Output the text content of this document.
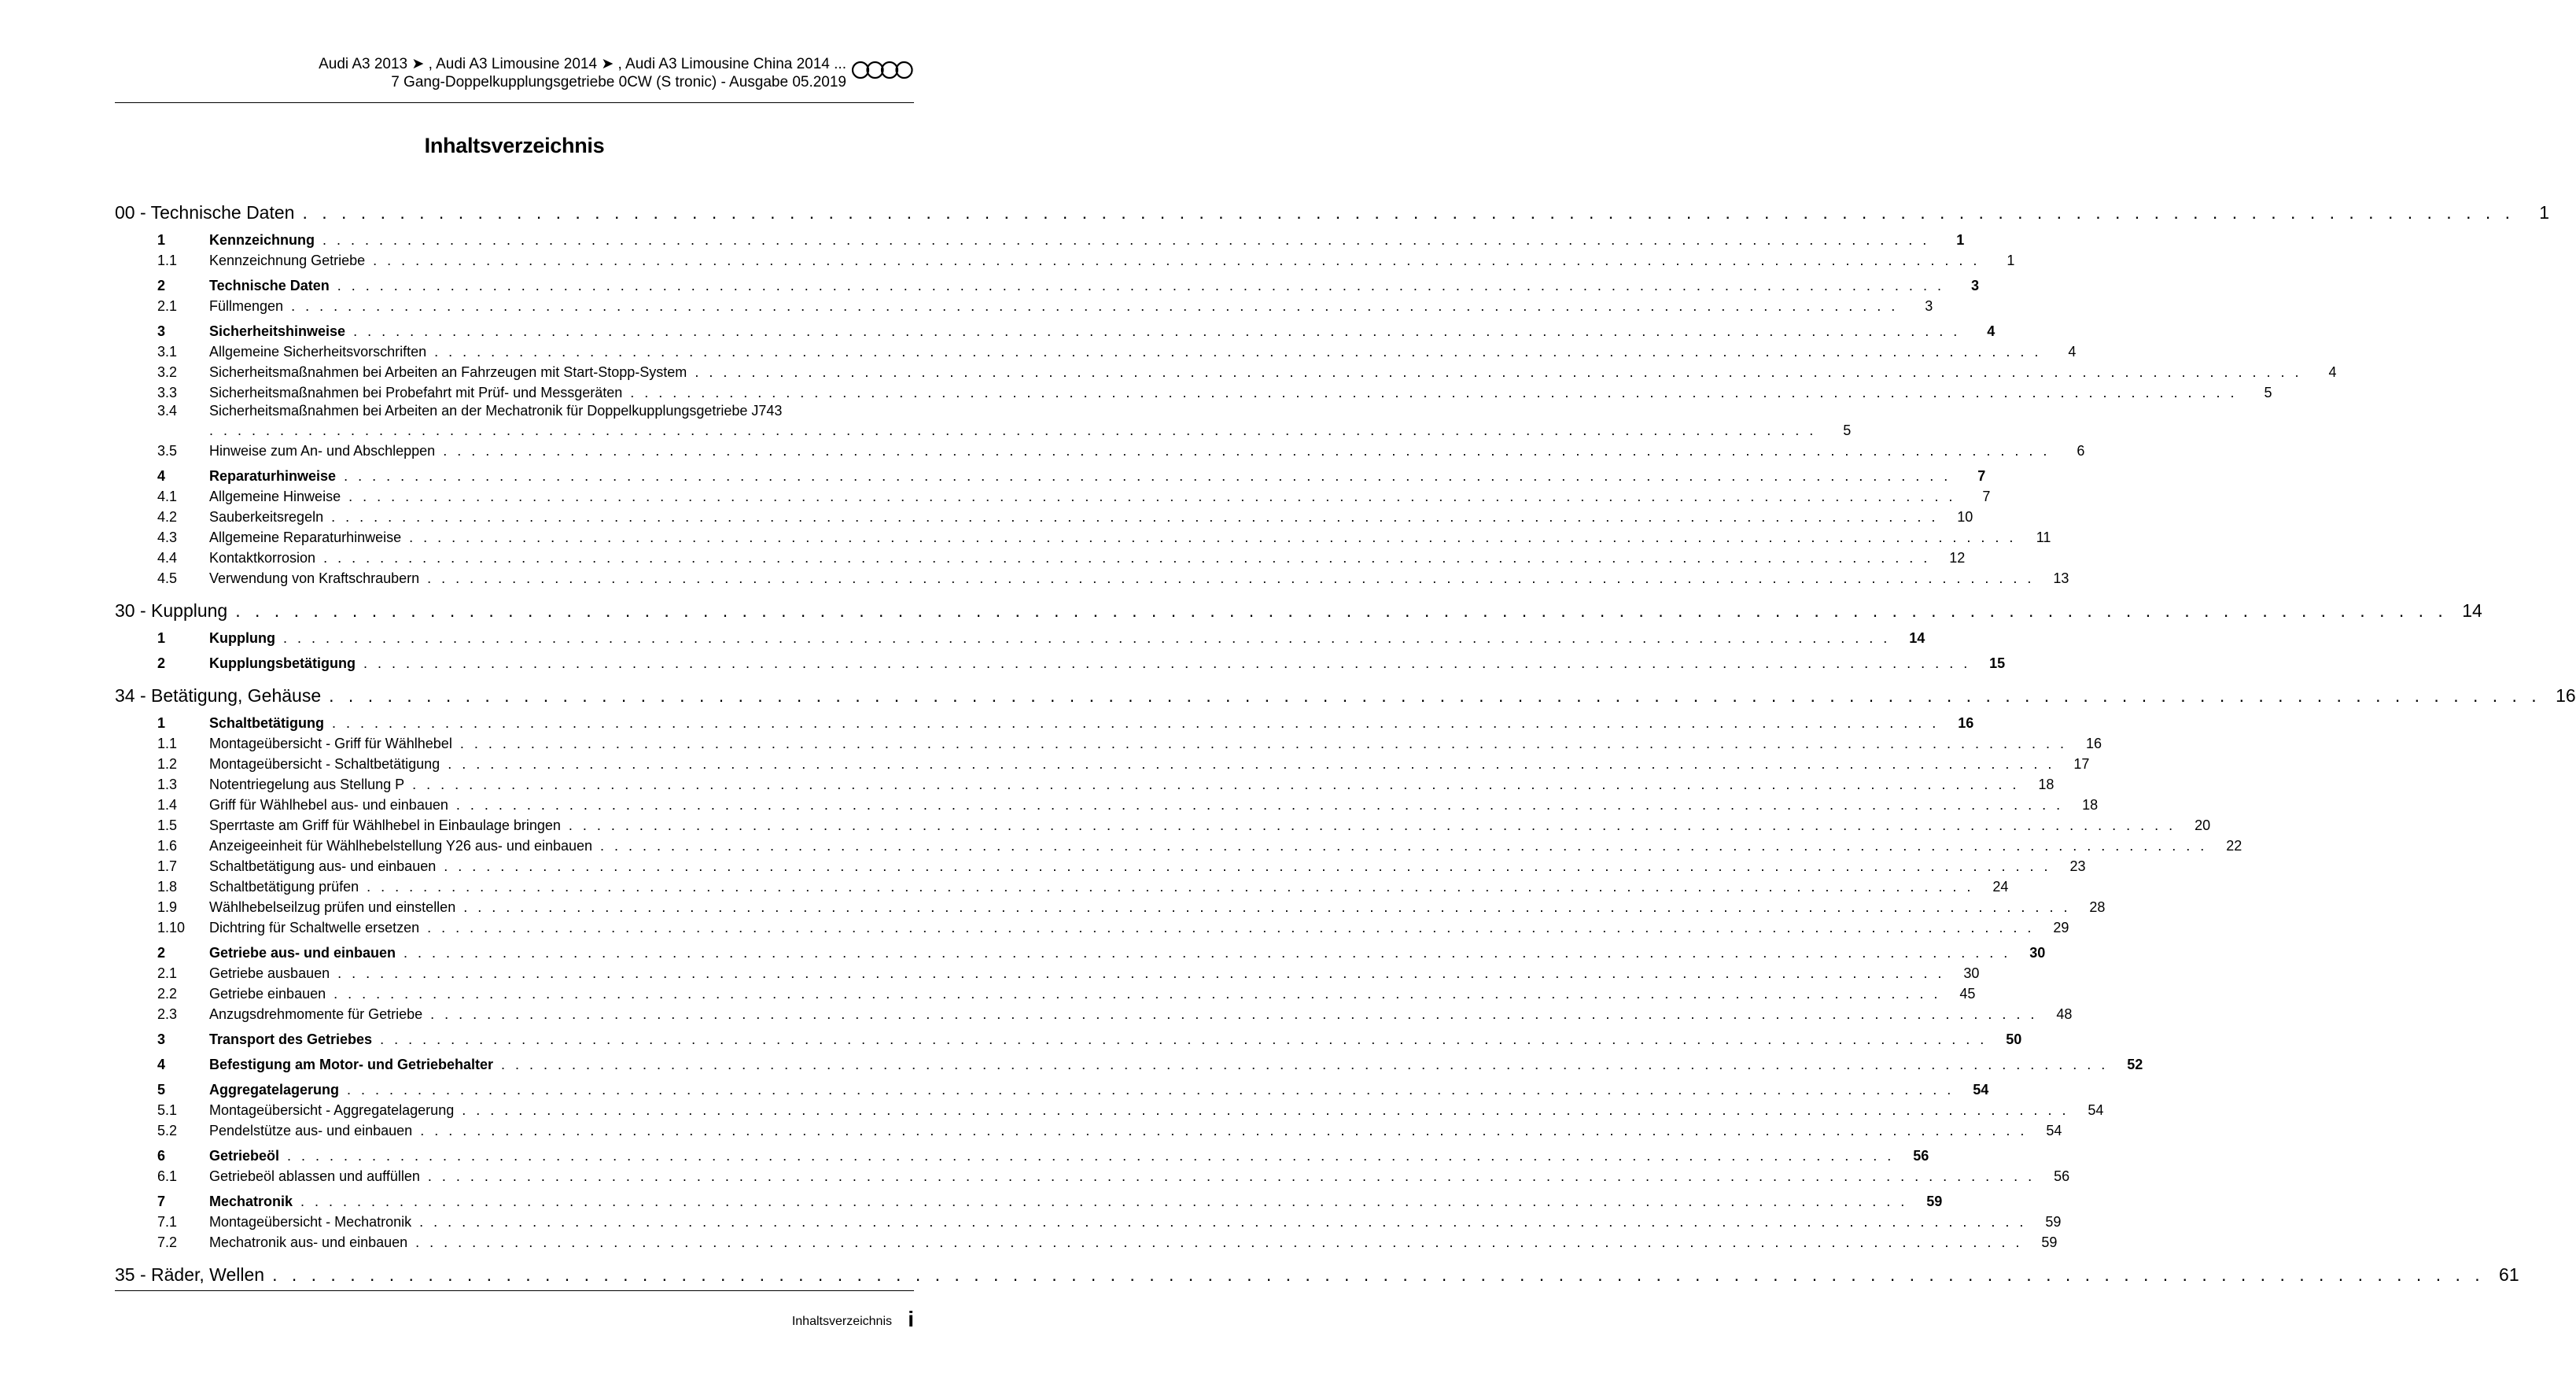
Audi A3 2013 ➤ , Audi A3 Limousine 2014 ➤ , Audi A3 Limousine China 2014 ...
7 Gang-Doppelkupplungsgetriebe 0CW (S tronic) - Ausgabe 05.2019
Inhaltsverzeichnis
00 - Technische Daten . . . . . . . . . . . . . . . . . . . . . . . . . . . . . . . . . . . . . . . . . . . . . . . . . . . . . . . . . . . . . . . . . . . . . . . . . . . . . . . . . . . . . . . . . . . . . . . . . . . . . . . . . . . . . . . . . .	1
1	Kennzeichnung . . . . . . . . . . . . . . . . . . . . . . . . . . . . . . . . . . . . . . . . . . . . . . . . . . . . . . . . . . . . . . . . . . . . . . . . . . . . . . . . . . . . . . . . . . . . . . . . . . . . . . . . . . . . . . . . . .	1
1.1	Kennzeichnung Getriebe . . . . . . . . . . . . . . . . . . . . . . . . . . . . . . . . . . . . . . . . . . . . . . . . . . . . . . . . . . . . . . . . . . . . . . . . . . . . . . . . . . . . . . . . . . . . . . . . . . . . . . . . . . . . . . . . . .	1
2	Technische Daten . . . . . . . . . . . . . . . . . . . . . . . . . . . . . . . . . . . . . . . . . . . . . . . . . . . . . . . . . . . . . . . . . . . . . . . . . . . . . . . . . . . . . . . . . . . . . . . . . . . . . . . . . . . . . . . . . .	3
2.1	Füllmengen . . . . . . . . . . . . . . . . . . . . . . . . . . . . . . . . . . . . . . . . . . . . . . . . . . . . . . . . . . . . . . . . . . . . . . . . . . . . . . . . . . . . . . . . . . . . . . . . . . . . . . . . . . . . . . . . . .	3
3	Sicherheitshinweise . . . . . . . . . . . . . . . . . . . . . . . . . . . . . . . . . . . . . . . . . . . . . . . . . . . . . . . . . . . . . . . . . . . . . . . . . . . . . . . . . . . . . . . . . . . . . . . . . . . . . . . . . . . . . . . . . .	4
3.1	Allgemeine Sicherheitsvorschriften . . . . . . . . . . . . . . . . . . . . . . . . . . . . . . . . . . . . . . . . . . . . . . . . . . . . . . . . . . . . . . . . . . . . . . . . . . . . . . . . . . . . . . . . . . . . . . . . . . . . . . . . . . . . . . . . . .	4
3.2	Sicherheitsmaßnahmen bei Arbeiten an Fahrzeugen mit Start-Stopp-System . . . . . . . . . . . . . . . . . . . . . . . . . . . . . . . . . . . . . . . . . . . . . . . . . . . . . . . . . . . . . . . . . . . . . . . . . . . . . . . . . . . . . . . . . . . . . . . . . . . . . . . . . . . . . . . . . .	4
3.3	Sicherheitsmaßnahmen bei Probefahrt mit Prüf- und Messgeräten . . . . . . . . . . . . . . . . . . . . . . . . . . . . . . . . . . . . . . . . . . . . . . . . . . . . . . . . . . . . . . . . . . . . . . . . . . . . . . . . . . . . . . . . . . . . . . . . . . . . . . . . . . . . . . . . . .	5
3.4	Sicherheitsmaßnahmen bei Arbeiten an der Mechatronik für Doppelkupplungsgetriebe J743
. . . . . . . . . . . . . . . . . . . . . . . . . . . . . . . . . . . . . . . . . . . . . . . . . . . . . . . . . . . . . . . . . . . . . . . . . . . . . . . . . . . . . . . . . . . . . . . . . . . . . . . . . . . . . . . . . .	5
3.5	Hinweise zum An- und Abschleppen . . . . . . . . . . . . . . . . . . . . . . . . . . . . . . . . . . . . . . . . . . . . . . . . . . . . . . . . . . . . . . . . . . . . . . . . . . . . . . . . . . . . . . . . . . . . . . . . . . . . . . . . . . . . . . . . . .	6
4	Reparaturhinweise . . . . . . . . . . . . . . . . . . . . . . . . . . . . . . . . . . . . . . . . . . . . . . . . . . . . . . . . . . . . . . . . . . . . . . . . . . . . . . . . . . . . . . . . . . . . . . . . . . . . . . . . . . . . . . . . . .	7
4.1	Allgemeine Hinweise . . . . . . . . . . . . . . . . . . . . . . . . . . . . . . . . . . . . . . . . . . . . . . . . . . . . . . . . . . . . . . . . . . . . . . . . . . . . . . . . . . . . . . . . . . . . . . . . . . . . . . . . . . . . . . . . . .	7
4.2	Sauberkeitsregeln . . . . . . . . . . . . . . . . . . . . . . . . . . . . . . . . . . . . . . . . . . . . . . . . . . . . . . . . . . . . . . . . . . . . . . . . . . . . . . . . . . . . . . . . . . . . . . . . . . . . . . . . . . . . . . . . . .	10
4.3	Allgemeine Reparaturhinweise . . . . . . . . . . . . . . . . . . . . . . . . . . . . . . . . . . . . . . . . . . . . . . . . . . . . . . . . . . . . . . . . . . . . . . . . . . . . . . . . . . . . . . . . . . . . . . . . . . . . . . . . . . . . . . . . . .	11
4.4	Kontaktkorrosion . . . . . . . . . . . . . . . . . . . . . . . . . . . . . . . . . . . . . . . . . . . . . . . . . . . . . . . . . . . . . . . . . . . . . . . . . . . . . . . . . . . . . . . . . . . . . . . . . . . . . . . . . . . . . . . . . .	12
4.5	Verwendung von Kraftschraubern . . . . . . . . . . . . . . . . . . . . . . . . . . . . . . . . . . . . . . . . . . . . . . . . . . . . . . . . . . . . . . . . . . . . . . . . . . . . . . . . . . . . . . . . . . . . . . . . . . . . . . . . . . . . . . . . . .	13
30 - Kupplung . . . . . . . . . . . . . . . . . . . . . . . . . . . . . . . . . . . . . . . . . . . . . . . . . . . . . . . . . . . . . . . . . . . . . . . . . . . . . . . . . . . . . . . . . . . . . . . . . . . . . . . . . . . . . . . . . . 14
1	Kupplung . . . . . . . . . . . . . . . . . . . . . . . . . . . . . . . . . . . . . . . . . . . . . . . . . . . . . . . . . . . . . . . . . . . . . . . . . . . . . . . . . . . . . . . . . . . . . . . . . . . . . . . . . . . . . . . . . .	14
2	Kupplungsbetätigung . . . . . . . . . . . . . . . . . . . . . . . . . . . . . . . . . . . . . . . . . . . . . . . . . . . . . . . . . . . . . . . . . . . . . . . . . . . . . . . . . . . . . . . . . . . . . . . . . . . . . . . . . . . . . . . . . .	15
34 - Betätigung, Gehäuse . . . . . . . . . . . . . . . . . . . . . . . . . . . . . . . . . . . . . . . . . . . . . . . . . . . . . . . . . . . . . . . . . . . . . . . . . . . . . . . . . . . . . . . . . . . . . . . . . . . . . . . . . . . . . . . . . . 16
1	Schaltbetätigung . . . . . . . . . . . . . . . . . . . . . . . . . . . . . . . . . . . . . . . . . . . . . . . . . . . . . . . . . . . . . . . . . . . . . . . . . . . . . . . . . . . . . . . . . . . . . . . . . . . . . . . . . . . . . . . . . .	16
1.1	Montageübersicht - Griff für Wählhebel . . . . . . . . . . . . . . . . . . . . . . . . . . . . . . . . . . . . . . . . . . . . . . . . . . . . . . . . . . . . . . . . . . . . . . . . . . . . . . . . . . . . . . . . . . . . . . . . . . . . . . . . . . . . . . . . . .	16
1.2	Montageübersicht - Schaltbetätigung . . . . . . . . . . . . . . . . . . . . . . . . . . . . . . . . . . . . . . . . . . . . . . . . . . . . . . . . . . . . . . . . . . . . . . . . . . . . . . . . . . . . . . . . . . . . . . . . . . . . . . . . . . . . . . . . . .	17
1.3	Notentriegelung aus Stellung P . . . . . . . . . . . . . . . . . . . . . . . . . . . . . . . . . . . . . . . . . . . . . . . . . . . . . . . . . . . . . . . . . . . . . . . . . . . . . . . . . . . . . . . . . . . . . . . . . . . . . . . . . . . . . . . . . .	18
1.4	Griff für Wählhebel aus- und einbauen . . . . . . . . . . . . . . . . . . . . . . . . . . . . . . . . . . . . . . . . . . . . . . . . . . . . . . . . . . . . . . . . . . . . . . . . . . . . . . . . . . . . . . . . . . . . . . . . . . . . . . . . . . . . . . . . . .	18
1.5	Sperrtaste am Griff für Wählhebel in Einbaulage bringen . . . . . . . . . . . . . . . . . . . . . . . . . . . . . . . . . . . . . . . . . . . . . . . . . . . . . . . . . . . . . . . . . . . . . . . . . . . . . . . . . . . . . . . . . . . . . . . . . . . . . . . . . . . . . . . . . .	20
1.6	Anzeigeeinheit für Wählhebelstellung Y26 aus- und einbauen . . . . . . . . . . . . . . . . . . . . . . . . . . . . . . . . . . . . . . . . . . . . . . . . . . . . . . . . . . . . . . . . . . . . . . . . . . . . . . . . . . . . . . . . . . . . . . . . . . . . . . . . . . . . . . . . . .	22
1.7	Schaltbetätigung aus- und einbauen . . . . . . . . . . . . . . . . . . . . . . . . . . . . . . . . . . . . . . . . . . . . . . . . . . . . . . . . . . . . . . . . . . . . . . . . . . . . . . . . . . . . . . . . . . . . . . . . . . . . . . . . . . . . . . . . . .	23
1.8	Schaltbetätigung prüfen . . . . . . . . . . . . . . . . . . . . . . . . . . . . . . . . . . . . . . . . . . . . . . . . . . . . . . . . . . . . . . . . . . . . . . . . . . . . . . . . . . . . . . . . . . . . . . . . . . . . . . . . . . . . . . . . . .	24
1.9	Wählhebelseilzug prüfen und einstellen . . . . . . . . . . . . . . . . . . . . . . . . . . . . . . . . . . . . . . . . . . . . . . . . . . . . . . . . . . . . . . . . . . . . . . . . . . . . . . . . . . . . . . . . . . . . . . . . . . . . . . . . . . . . . . . . . .	28
1.10	Dichtring für Schaltwelle ersetzen . . . . . . . . . . . . . . . . . . . . . . . . . . . . . . . . . . . . . . . . . . . . . . . . . . . . . . . . . . . . . . . . . . . . . . . . . . . . . . . . . . . . . . . . . . . . . . . . . . . . . . . . . . . . . . . . . .	29
2	Getriebe aus- und einbauen . . . . . . . . . . . . . . . . . . . . . . . . . . . . . . . . . . . . . . . . . . . . . . . . . . . . . . . . . . . . . . . . . . . . . . . . . . . . . . . . . . . . . . . . . . . . . . . . . . . . . . . . . . . . . . . . . .	30
2.1	Getriebe ausbauen . . . . . . . . . . . . . . . . . . . . . . . . . . . . . . . . . . . . . . . . . . . . . . . . . . . . . . . . . . . . . . . . . . . . . . . . . . . . . . . . . . . . . . . . . . . . . . . . . . . . . . . . . . . . . . . . . .	30
2.2	Getriebe einbauen . . . . . . . . . . . . . . . . . . . . . . . . . . . . . . . . . . . . . . . . . . . . . . . . . . . . . . . . . . . . . . . . . . . . . . . . . . . . . . . . . . . . . . . . . . . . . . . . . . . . . . . . . . . . . . . . . .	45
2.3	Anzugsdrehmomente für Getriebe . . . . . . . . . . . . . . . . . . . . . . . . . . . . . . . . . . . . . . . . . . . . . . . . . . . . . . . . . . . . . . . . . . . . . . . . . . . . . . . . . . . . . . . . . . . . . . . . . . . . . . . . . . . . . . . . . .	48
3	Transport des Getriebes . . . . . . . . . . . . . . . . . . . . . . . . . . . . . . . . . . . . . . . . . . . . . . . . . . . . . . . . . . . . . . . . . . . . . . . . . . . . . . . . . . . . . . . . . . . . . . . . . . . . . . . . . . . . . . . . . .	50
4	Befestigung am Motor- und Getriebehalter . . . . . . . . . . . . . . . . . . . . . . . . . . . . . . . . . . . . . . . . . . . . . . . . . . . . . . . . . . . . . . . . . . . . . . . . . . . . . . . . . . . . . . . . . . . . . . . . . . . . . . . . . . . . . . . . . .	52
5	Aggregatelagerung . . . . . . . . . . . . . . . . . . . . . . . . . . . . . . . . . . . . . . . . . . . . . . . . . . . . . . . . . . . . . . . . . . . . . . . . . . . . . . . . . . . . . . . . . . . . . . . . . . . . . . . . . . . . . . . . . .	54
5.1	Montageübersicht - Aggregatelagerung . . . . . . . . . . . . . . . . . . . . . . . . . . . . . . . . . . . . . . . . . . . . . . . . . . . . . . . . . . . . . . . . . . . . . . . . . . . . . . . . . . . . . . . . . . . . . . . . . . . . . . . . . . . . . . . . . .	54
5.2	Pendelstütze aus- und einbauen . . . . . . . . . . . . . . . . . . . . . . . . . . . . . . . . . . . . . . . . . . . . . . . . . . . . . . . . . . . . . . . . . . . . . . . . . . . . . . . . . . . . . . . . . . . . . . . . . . . . . . . . . . . . . . . . . .	54
6	Getriebeöl . . . . . . . . . . . . . . . . . . . . . . . . . . . . . . . . . . . . . . . . . . . . . . . . . . . . . . . . . . . . . . . . . . . . . . . . . . . . . . . . . . . . . . . . . . . . . . . . . . . . . . . . . . . . . . . . . .	56
6.1	Getriebeöl ablassen und auffüllen . . . . . . . . . . . . . . . . . . . . . . . . . . . . . . . . . . . . . . . . . . . . . . . . . . . . . . . . . . . . . . . . . . . . . . . . . . . . . . . . . . . . . . . . . . . . . . . . . . . . . . . . . . . . . . . . . .	56
7	Mechatronik . . . . . . . . . . . . . . . . . . . . . . . . . . . . . . . . . . . . . . . . . . . . . . . . . . . . . . . . . . . . . . . . . . . . . . . . . . . . . . . . . . . . . . . . . . . . . . . . . . . . . . . . . . . . . . . . . .	59
7.1	Montageübersicht - Mechatronik . . . . . . . . . . . . . . . . . . . . . . . . . . . . . . . . . . . . . . . . . . . . . . . . . . . . . . . . . . . . . . . . . . . . . . . . . . . . . . . . . . . . . . . . . . . . . . . . . . . . . . . . . . . . . . . . . .	59
7.2	Mechatronik aus- und einbauen . . . . . . . . . . . . . . . . . . . . . . . . . . . . . . . . . . . . . . . . . . . . . . . . . . . . . . . . . . . . . . . . . . . . . . . . . . . . . . . . . . . . . . . . . . . . . . . . . . . . . . . . . . . . . . . . . .	59
35 - Räder, Wellen . . . . . . . . . . . . . . . . . . . . . . . . . . . . . . . . . . . . . . . . . . . . . . . . . . . . . . . . . . . . . . . . . . . . . . . . . . . . . . . . . . . . . . . . . . . . . . . . . . . . . . . . . . . . . . . . . . 61
Inhaltsverzeichnis i
